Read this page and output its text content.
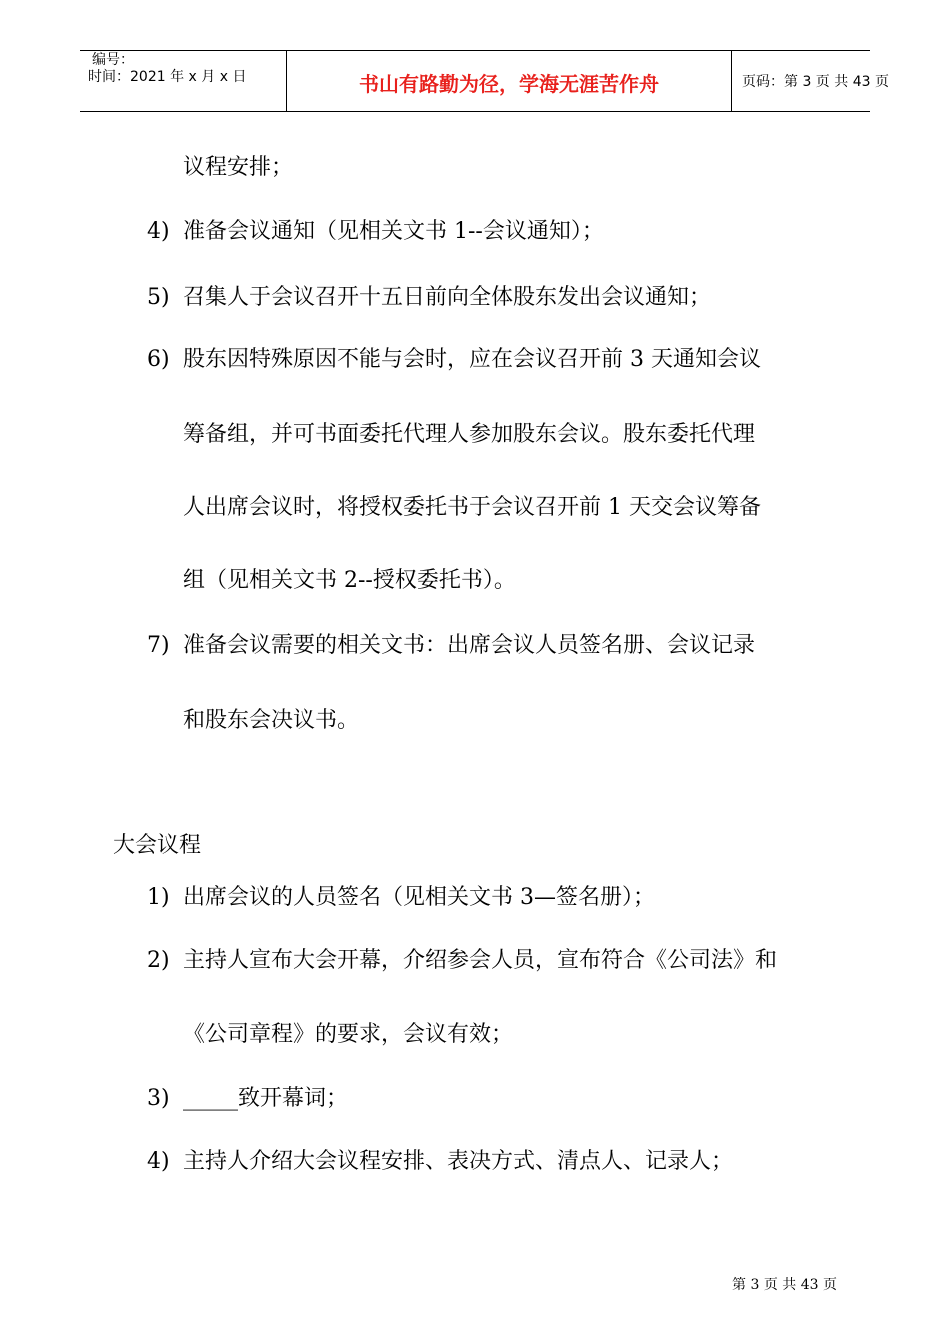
编号：
时间：2021 年 x 月 x 日	书山有路勤为径，学海无涯苦作舟	页码：第 3 页 共 43 页
议程安排；
4) 准备会议通知（见相关文书 1--会议通知）；
5) 召集人于会议召开十五日前向全体股东发出会议通知；
6) 股东因特殊原因不能与会时，应在会议召开前 3 天通知会议
筹备组，并可书面委托代理人参加股东会议。股东委托代理
人出席会议时，将授权委托书于会议召开前 1 天交会议筹备
组（见相关文书 2--授权委托书）。
7) 准备会议需要的相关文书：出席会议人员签名册、会议记录
和股东会决议书。
大会议程
1) 出席会议的人员签名（见相关文书 3—签名册）；
2) 主持人宣布大会开幕，介绍参会人员，宣布符合《公司法》和
《公司章程》的要求，会议有效；
3) _____致开幕词；
4) 主持人介绍大会议程安排、表决方式、清点人、记录人；
第 3 页 共 43 页
